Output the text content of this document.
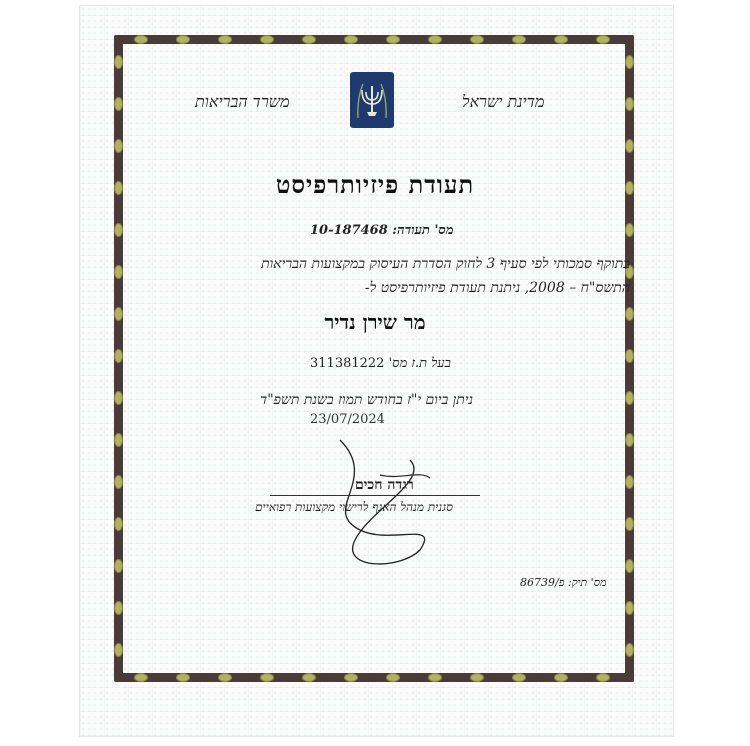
מדינת ישראל
משרד הבריאות
תעודת פיזיותרפיסט
מס' תעודה: 10-187468
בתוקף סמכותי לפי סעיף 3 לחוק הסדרת העיסוק במקצועות הבריאות
התשס"ח – 2008, ניתנת תעודת פיזיותרפיסט ל-
מר שירן נדיר
בעל ת.ז מס' 311381222
ניתן ביום י"ז בחודש תמוז בשנת תשפ"ד
23/07/2024
רגדה חכים
סגנית מנהל האגף לרישוי מקצועות רפואיים
מס' תיק: פ/86739
